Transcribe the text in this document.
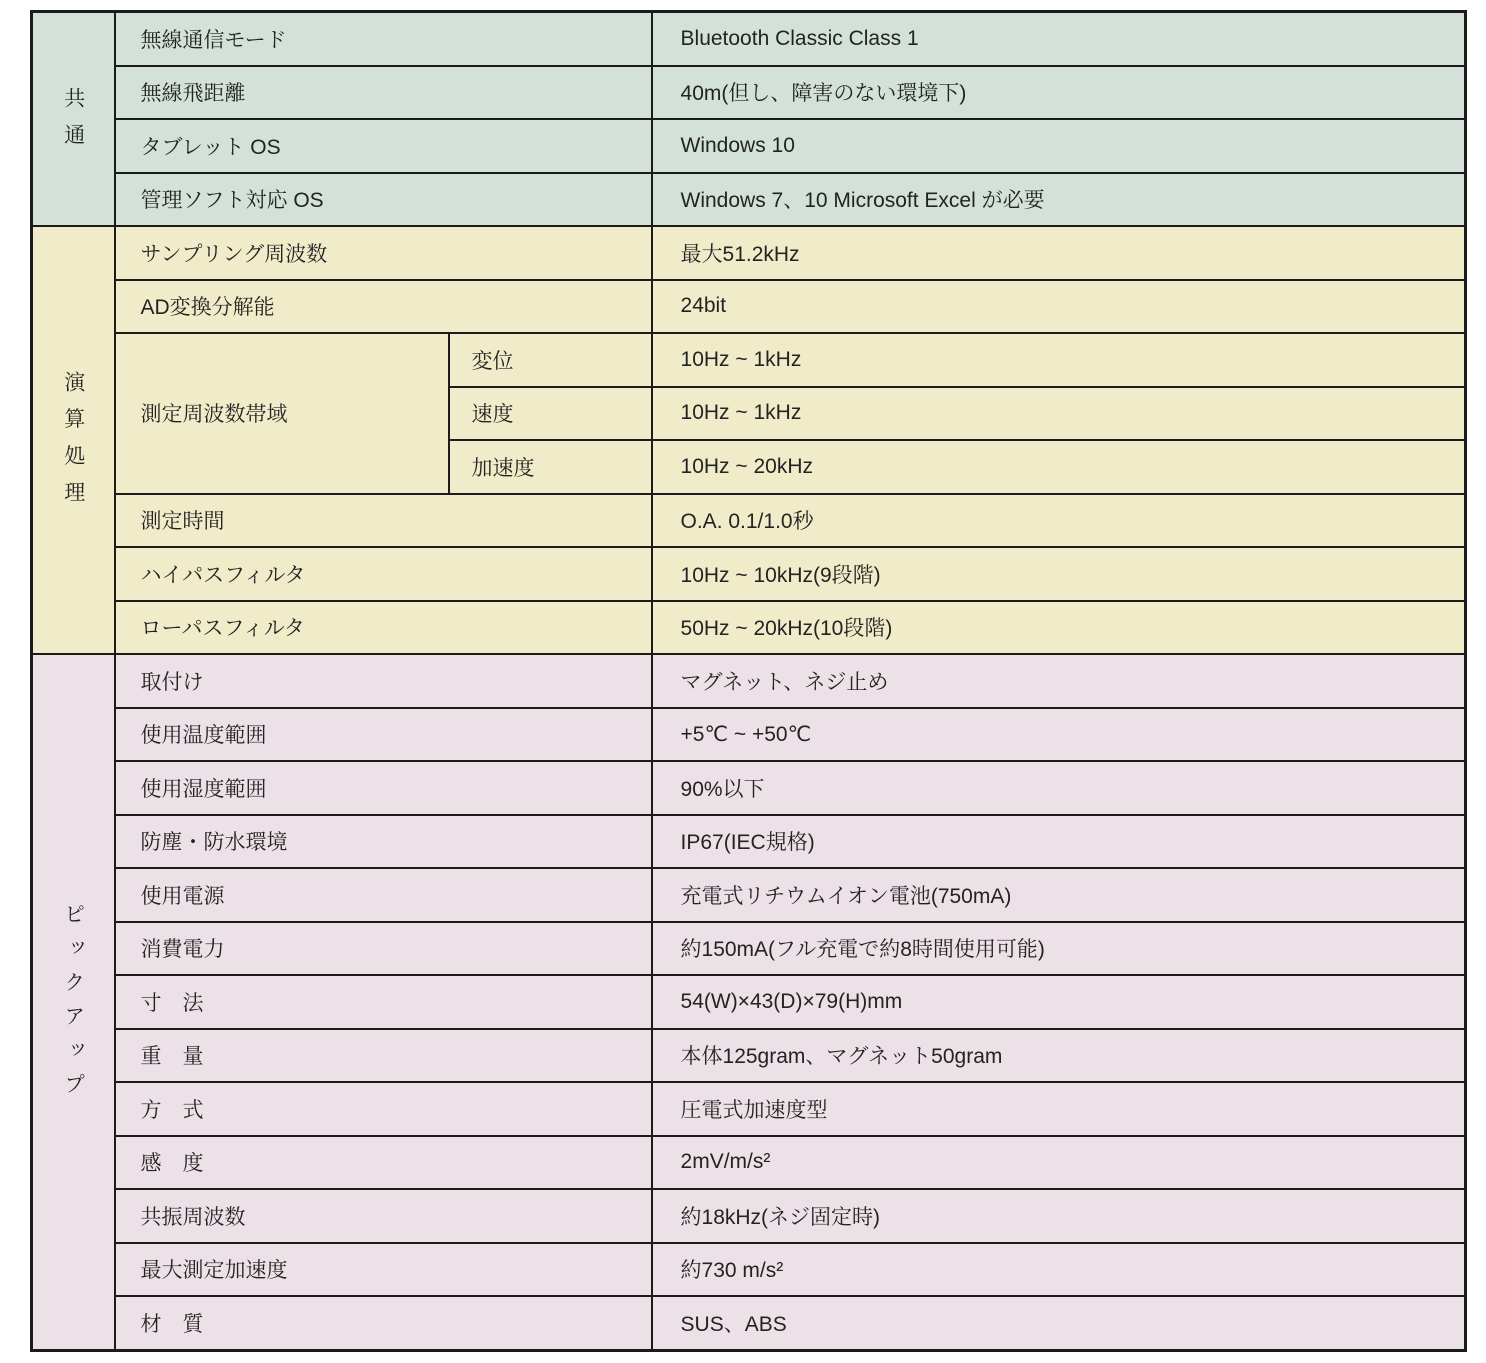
共通	無線通信モード		Bluetooth Classic Class 1
	無線飛距離		40m(但し、障害のない環境下)
	タブレット OS		Windows 10
	管理ソフト対応 OS		Windows 7、10 Microsoft Excel が必要
演算処理	サンプリング周波数		最大51.2kHz
	AD変換分解能		24bit
	測定周波数帯域	変位	10Hz ~ 1kHz
		速度	10Hz ~ 1kHz
		加速度	10Hz ~ 20kHz
	測定時間		O.A. 0.1/1.0秒
	ハイパスフィルタ		10Hz ~ 10kHz(9段階)
	ローパスフィルタ		50Hz ~ 20kHz(10段階)
ピックアップ	取付け		マグネット、ネジ止め
	使用温度範囲		+5℃ ~ +50℃
	使用湿度範囲		90%以下
	防塵・防水環境		IP67(IEC規格)
	使用電源		充電式リチウムイオン電池(750mA)
	消費電力		約150mA(フル充電で約8時間使用可能)
	寸　法		54(W)×43(D)×79(H)mm
	重　量		本体125gram、マグネット50gram
	方　式		圧電式加速度型
	感　度		2mV/m/s²
	共振周波数		約18kHz(ネジ固定時)
	最大測定加速度		約730 m/s²
	材　質		SUS、ABS
